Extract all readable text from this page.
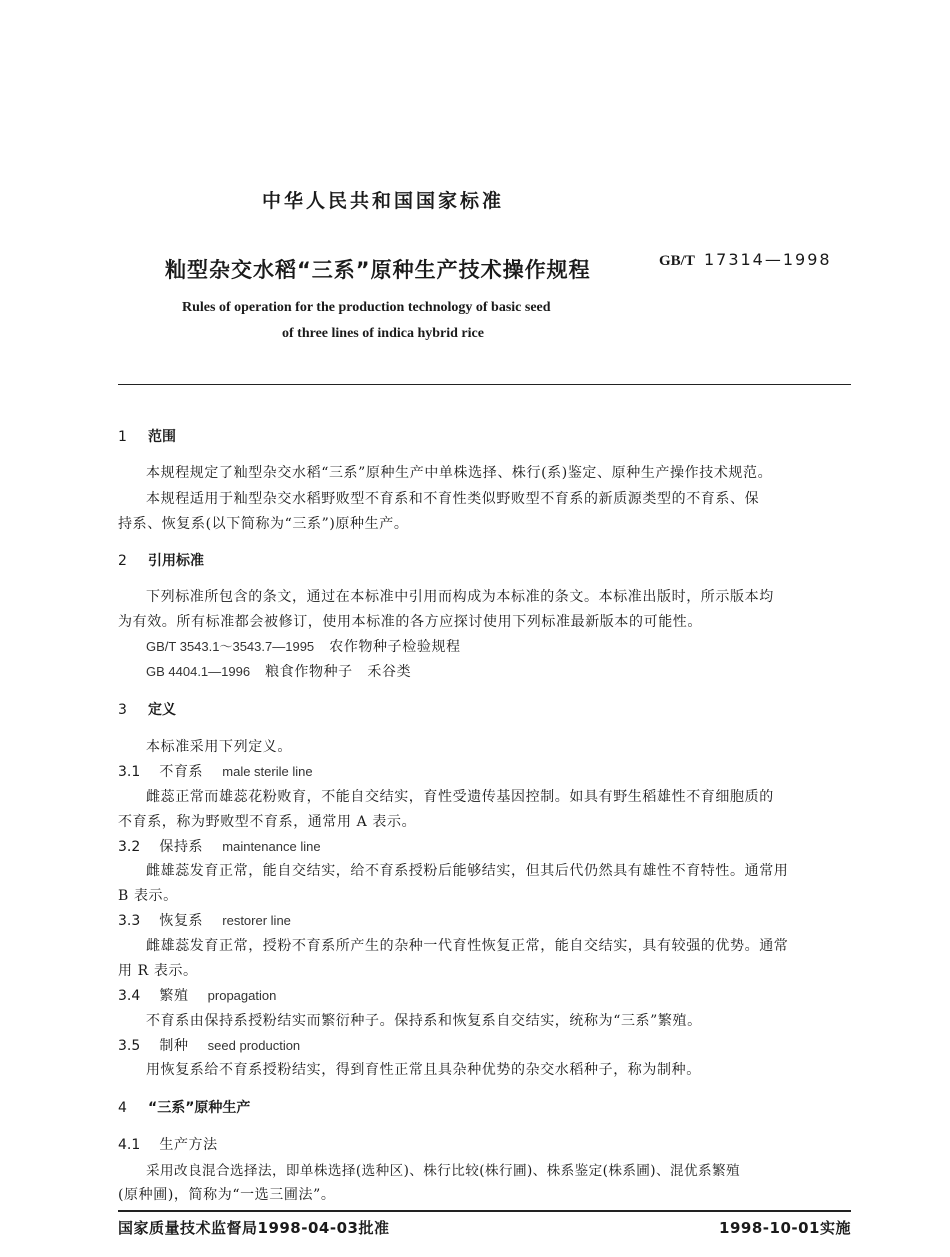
中华人民共和国国家标准
籼型杂交水稻“三系”原种生产技术操作规程	GB/T 17314—1998
Rules of operation for the production technology of basic seed
of three lines of indica hybrid rice
1 范围
本规程规定了籼型杂交水稻“三系”原种生产中单株选择、株行(系)鉴定、原种生产操作技术规范。
本规程适用于籼型杂交水稻野败型不育系和不育性类似野败型不育系的新质源类型的不育系、保
持系、恢复系(以下简称为“三系”)原种生产。
2 引用标准
下列标准所包含的条文，通过在本标准中引用而构成为本标准的条文。本标准出版时，所示版本均
为有效。所有标准都会被修订，使用本标准的各方应探讨使用下列标准最新版本的可能性。
GB/T 3543.1～3543.7—1995 农作物种子检验规程
GB 4404.1—1996 粮食作物种子　禾谷类
3 定义
本标准采用下列定义。
3.1 不育系 male sterile line
雌蕊正常而雄蕊花粉败育，不能自交结实，育性受遗传基因控制。如具有野生稻雄性不育细胞质的
不育系，称为野败型不育系，通常用 A 表示。
3.2 保持系 maintenance line
雌雄蕊发育正常，能自交结实，给不育系授粉后能够结实，但其后代仍然具有雄性不育特性。通常用
B 表示。
3.3 恢复系 restorer line
雌雄蕊发育正常，授粉不育系所产生的杂种一代育性恢复正常，能自交结实，具有较强的优势。通常
用 R 表示。
3.4 繁殖 propagation
不育系由保持系授粉结实而繁衍种子。保持系和恢复系自交结实，统称为“三系”繁殖。
3.5 制种 seed production
用恢复系给不育系授粉结实，得到育性正常且具杂种优势的杂交水稻种子，称为制种。
4 “三系”原种生产
4.1 生产方法
采用改良混合选择法，即单株选择(选种区)、株行比较(株行圃)、株系鉴定(株系圃)、混优系繁殖
(原种圃)，简称为“一选三圃法”。
国家质量技术监督局1998-04-03批准	1998-10-01实施
